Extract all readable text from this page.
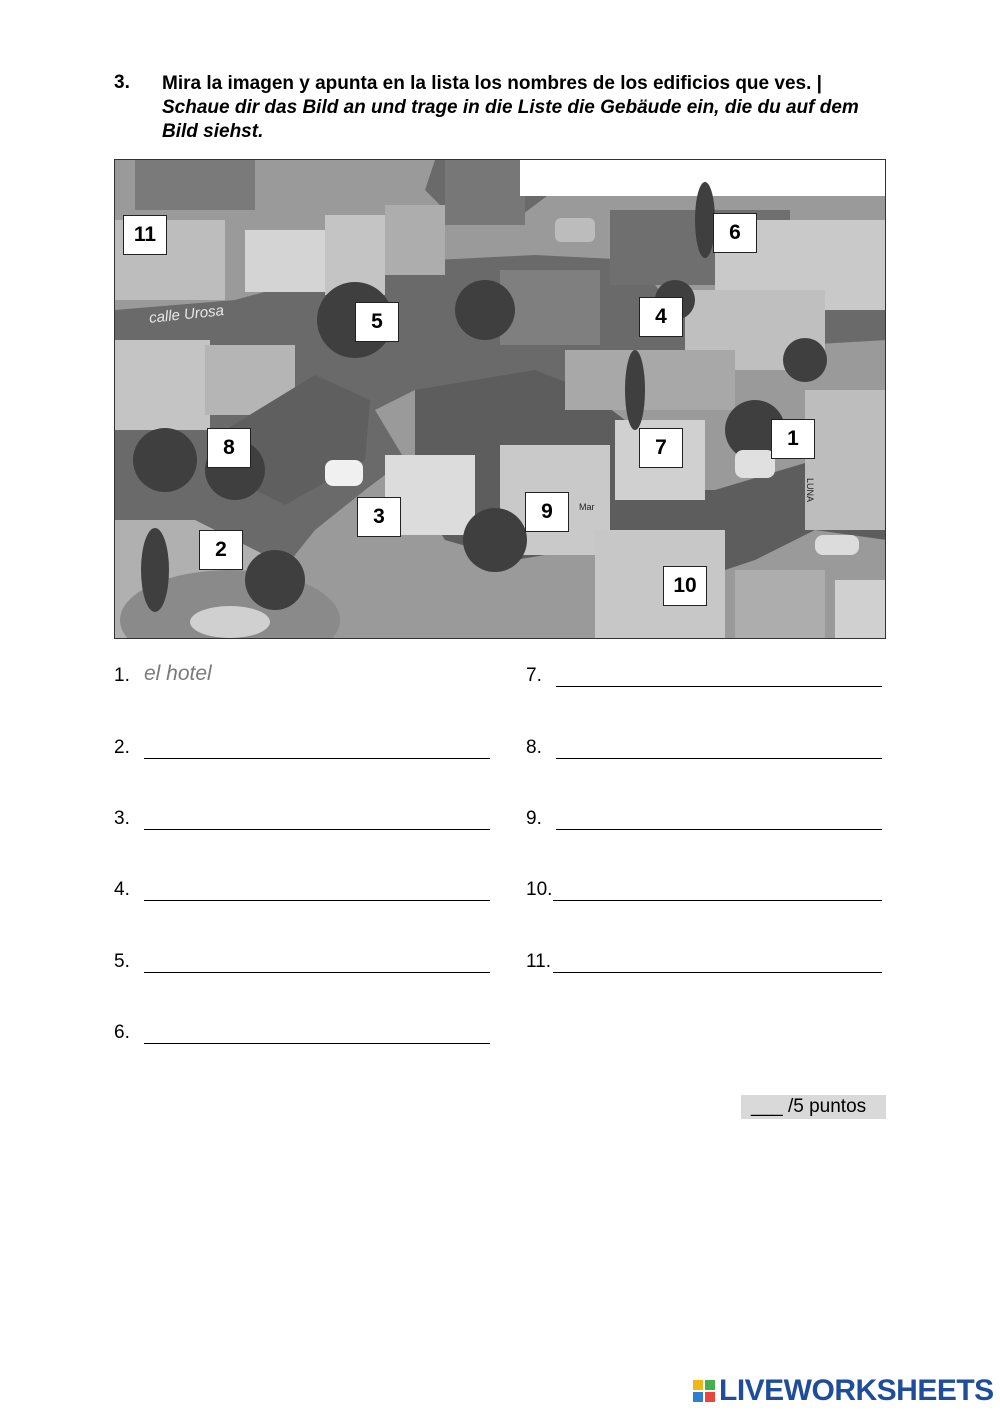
3. Mira la imagen y apunta en la lista los nombres de los edificios que ves. |
Schaue dir das Bild an und trage in die Liste die Gebäude ein, die du auf dem Bild siehst.
calle Urosa
Mar
LUNA
11	6
5	4
8	7	1
3	9
2
10
1. el hotel
2.
3.
4.
5.
6.
7.
8.
9.
10.
11.
___ /5 puntos
LIVEWORKSHEETS
